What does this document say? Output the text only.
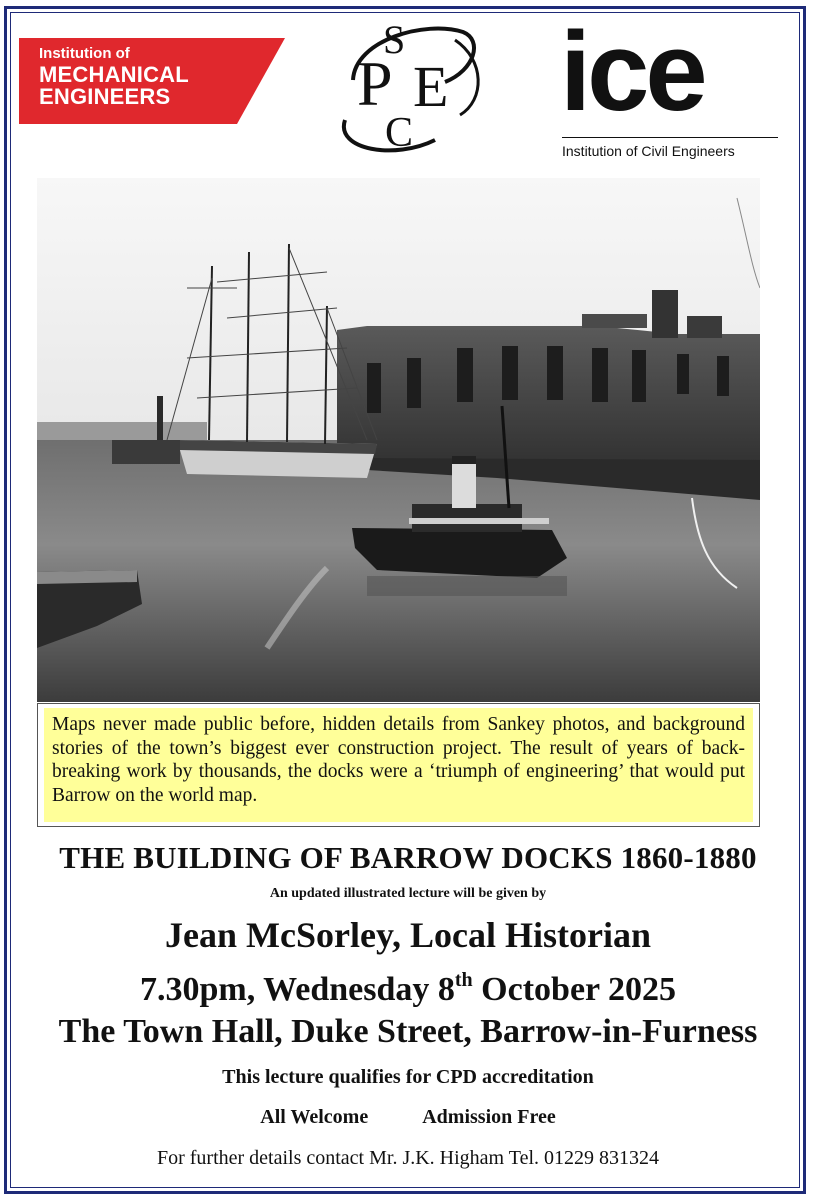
Institution of
MECHANICAL
ENGINEERS
S
P E
C ice
Institution of Civil Engineers
Maps never made public before, hidden details from Sankey photos, and background stories of the town’s biggest ever construction project. The result of years of back-breaking work by thousands, the docks were a ‘triumph of engineering’ that would put Barrow on the world map.
THE BUILDING OF BARROW DOCKS 1860-1880
An updated illustrated lecture will be given by
Jean McSorley, Local Historian
7.30pm, Wednesday 8th October 2025
The Town Hall, Duke Street, Barrow-in-Furness
This lecture qualifies for CPD accreditation
All Welcome	Admission Free
For further details contact Mr. J.K. Higham Tel. 01229 831324
